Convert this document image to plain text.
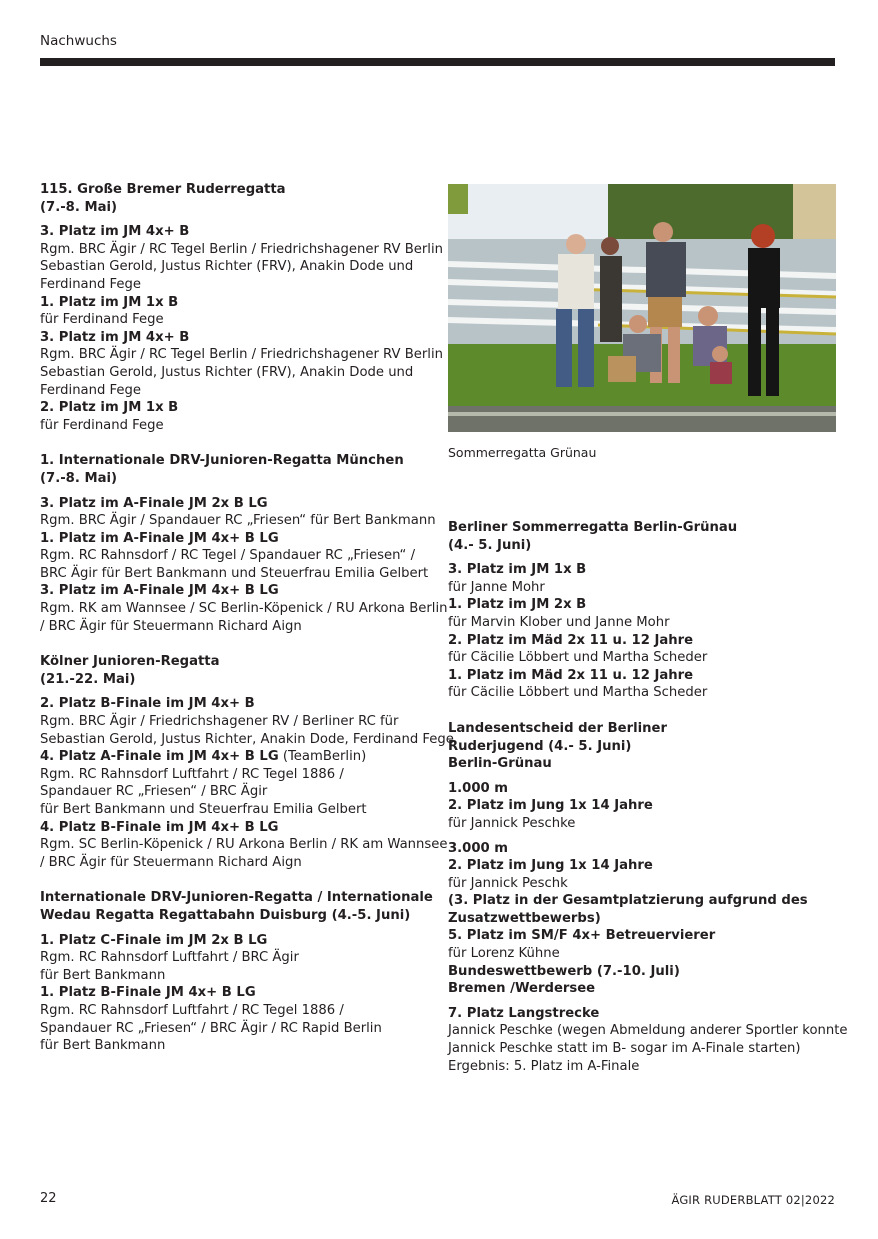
Nachwuchs
115. Große Bremer Ruderregatta
(7.-8. Mai)
3. Platz im JM 4x+ B
Rgm. BRC Ägir / RC Tegel Berlin / Friedrichshagener RV Berlin
Sebastian Gerold, Justus Richter (FRV), Anakin Dode und
Ferdinand Fege
1. Platz im JM 1x B
für Ferdinand Fege
3. Platz im JM 4x+ B
Rgm. BRC Ägir / RC Tegel Berlin / Friedrichshagener RV Berlin
Sebastian Gerold, Justus Richter (FRV), Anakin Dode und
Ferdinand Fege
2. Platz im JM 1x B
für Ferdinand Fege
1. Internationale DRV-Junioren-Regatta München
(7.-8. Mai)
3. Platz im A-Finale JM 2x B LG
Rgm. BRC Ägir / Spandauer RC „Friesen“ für Bert Bankmann
1. Platz im A-Finale JM 4x+ B LG
Rgm. RC Rahnsdorf / RC Tegel / Spandauer RC „Friesen“ /
BRC Ägir für Bert Bankmann und Steuerfrau Emilia Gelbert
3. Platz im A-Finale JM 4x+ B LG
Rgm. RK am Wannsee / SC Berlin-Köpenick / RU Arkona Berlin
/ BRC Ägir für Steuermann Richard Aign
Kölner Junioren-Regatta
(21.-22. Mai)
2. Platz B-Finale im JM 4x+ B
Rgm. BRC Ägir / Friedrichshagener RV / Berliner RC für
Sebastian Gerold, Justus Richter, Anakin Dode, Ferdinand Fege
4. Platz A-Finale im JM 4x+ B LG (TeamBerlin)
Rgm. RC Rahnsdorf Luftfahrt / RC Tegel 1886 /
Spandauer RC „Friesen“ / BRC Ägir
für Bert Bankmann und Steuerfrau Emilia Gelbert
4. Platz B-Finale im JM 4x+ B LG
Rgm. SC Berlin-Köpenick / RU Arkona Berlin / RK am Wannsee
/ BRC Ägir für Steuermann Richard Aign
Internationale DRV-Junioren-Regatta / Internationale
Wedau Regatta Regattabahn Duisburg (4.-5. Juni)
1. Platz C-Finale im JM 2x B LG
Rgm. RC Rahnsdorf Luftfahrt / BRC Ägir
für Bert Bankmann
1. Platz B-Finale JM 4x+ B LG
Rgm. RC Rahnsdorf Luftfahrt / RC Tegel 1886 /
Spandauer RC „Friesen“ / BRC Ägir / RC Rapid Berlin
für Bert Bankmann
Sommerregatta Grünau
Berliner Sommerregatta Berlin-Grünau
(4.- 5. Juni)
3. Platz im JM 1x B
für Janne Mohr
1. Platz im JM 2x B
für Marvin Klober und Janne Mohr
2. Platz im Mäd 2x 11 u. 12 Jahre
für Cäcilie Löbbert und Martha Scheder
1. Platz im Mäd 2x 11 u. 12 Jahre
für Cäcilie Löbbert und Martha Scheder
Landesentscheid der Berliner
Ruderjugend (4.- 5. Juni)
Berlin-Grünau
1.000 m
2. Platz im Jung 1x 14 Jahre
für Jannick Peschke
3.000 m
2. Platz im Jung 1x 14 Jahre
für Jannick Peschk
(3. Platz in der Gesamtplatzierung aufgrund des
Zusatzwettbewerbs)
5. Platz im SM/F 4x+ Betreuervierer
für Lorenz Kühne
Bundeswettbewerb (7.-10. Juli)
Bremen /Werdersee
7. Platz Langstrecke
Jannick Peschke (wegen Abmeldung anderer Sportler konnte
Jannick Peschke statt im B- sogar im A-Finale starten)
Ergebnis: 5. Platz im A-Finale
22	ÄGIR RUDERBLATT 02|2022
